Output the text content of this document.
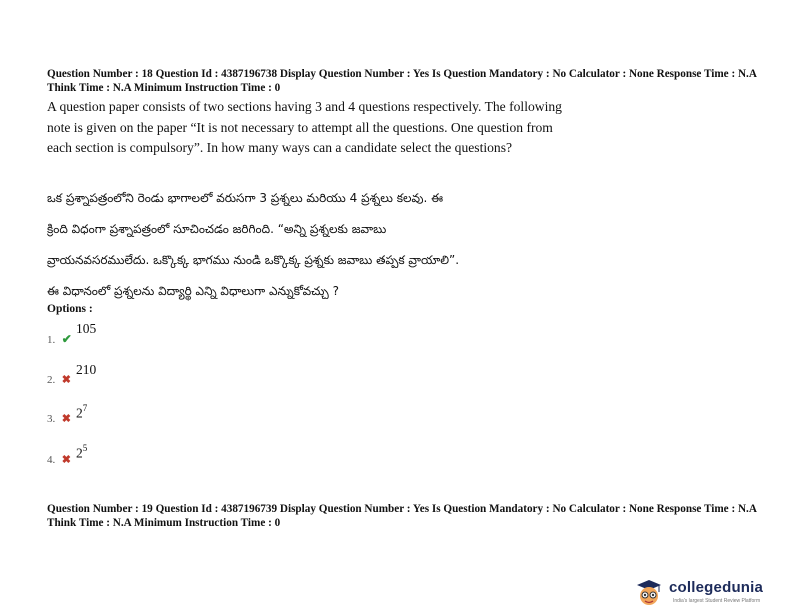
Question Number : 18 Question Id : 4387196738 Display Question Number : Yes Is Question Mandatory : No Calculator : None Response Time : N.A Think Time : N.A Minimum Instruction Time : 0
A question paper consists of two sections having 3 and 4 questions respectively. The following note is given on the paper “It is not necessary to attempt all the questions. One question from each section is compulsory”. In how many ways can a candidate select the questions?
ఒక ప్రశ్నాపత్రంలోని రెండు భాగాలలో వరుసగా 3 ప్రశ్నలు మరియు 4 ప్రశ్నలు కలవు. ఈ
క్రింది విధంగా ప్రశ్నాపత్రంలో సూచించడం జరిగింది. “అన్ని ప్రశ్నలకు జవాబు
వ్రాయనవసరములేదు. ఒక్కొక్క భాగము నుండి ఒక్కొక్క ప్రశ్నకు జవాబు తప్పక వ్రాయాలి”.
ఈ విధానంలో ప్రశ్నలను విద్యార్థి ఎన్ని విధాలుగా ఎన్నుకోవచ్చు ?
Options :
1. ✔
105
2. ✖
210
3. ✖ $2^7$
4. ✖ $2^5$
Question Number : 19 Question Id : 4387196739 Display Question Number : Yes Is Question Mandatory : No Calculator : None Response Time : N.A Think Time : N.A Minimum Instruction Time : 0
collegedunia
India's largest Student Review Platform
